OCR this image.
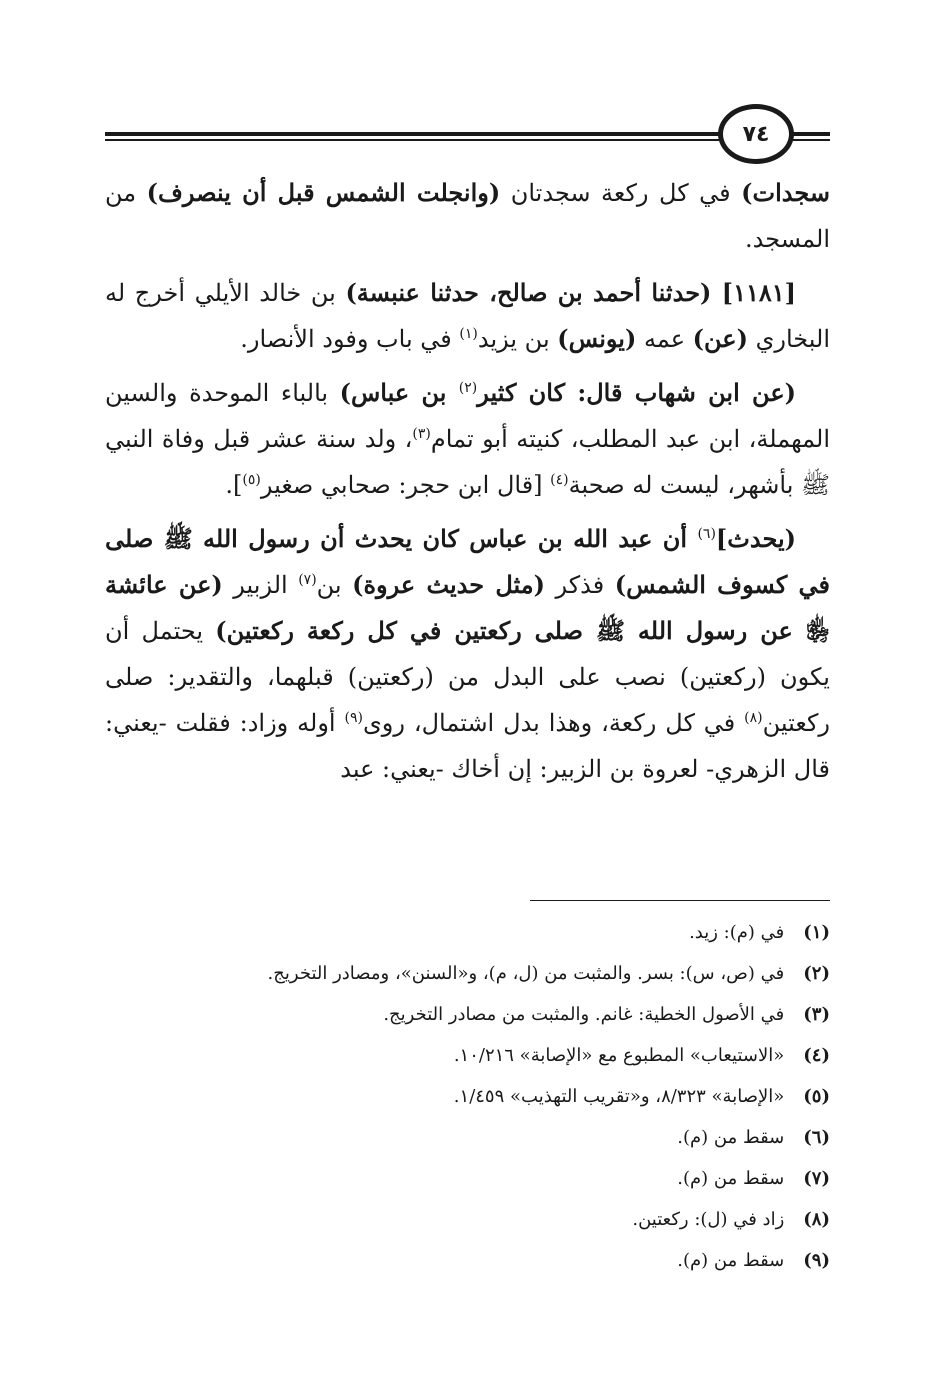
٧٤

سجدات) في كل ركعة سجدتان (وانجلت الشمس قبل أن ينصرف) من المسجد.

[١١٨١] (حدثنا أحمد بن صالح، حدثنا عنبسة) بن خالد الأيلي أخرج له البخاري (عن) عمه (يونس) بن يزيد$^{(١)}$ في باب وفود الأنصار.

(عن ابن شهاب قال: كان كثير$^{(٢)}$ بن عباس) بالباء الموحدة والسين المهملة، ابن عبد المطلب، كنيته أبو تمام$^{(٣)}$، ولد سنة عشر قبل وفاة النبي ﷺ بأشهر، ليست له صحبة$^{(٤)}$ [قال ابن حجر: صحابي صغير$^{(٥)}$].

(يحدث]$^{(٦)}$ أن عبد الله بن عباس كان يحدث أن رسول الله ﷺ صلى في كسوف الشمس) فذكر (مثل حديث عروة) بن$^{(٧)}$ الزبير (عن عائشة ﵂ عن رسول الله ﷺ صلى ركعتين في كل ركعة ركعتين) يحتمل أن يكون (ركعتين) نصب على البدل من (ركعتين) قبلهما، والتقدير: صلى ركعتين$^{(٨)}$ في كل ركعة، وهذا بدل اشتمال، روى$^{(٩)}$ أوله وزاد: فقلت -يعني: قال الزهري- لعروة بن الزبير: إن أخاك -يعني: عبد

(١) في (م): زيد.
(٢) في (ص، س): بسر. والمثبت من (ل، م)، و«السنن»، ومصادر التخريج.
(٣) في الأصول الخطية: غانم. والمثبت من مصادر التخريج.
(٤) «الاستيعاب» المطبوع مع «الإصابة» ١٠/٢١٦.
(٥) «الإصابة» ٨/٣٢٣، و«تقريب التهذيب» ١/٤٥٩.
(٦) سقط من (م).
(٧) سقط من (م).
(٨) زاد في (ل): ركعتين.
(٩) سقط من (م).
